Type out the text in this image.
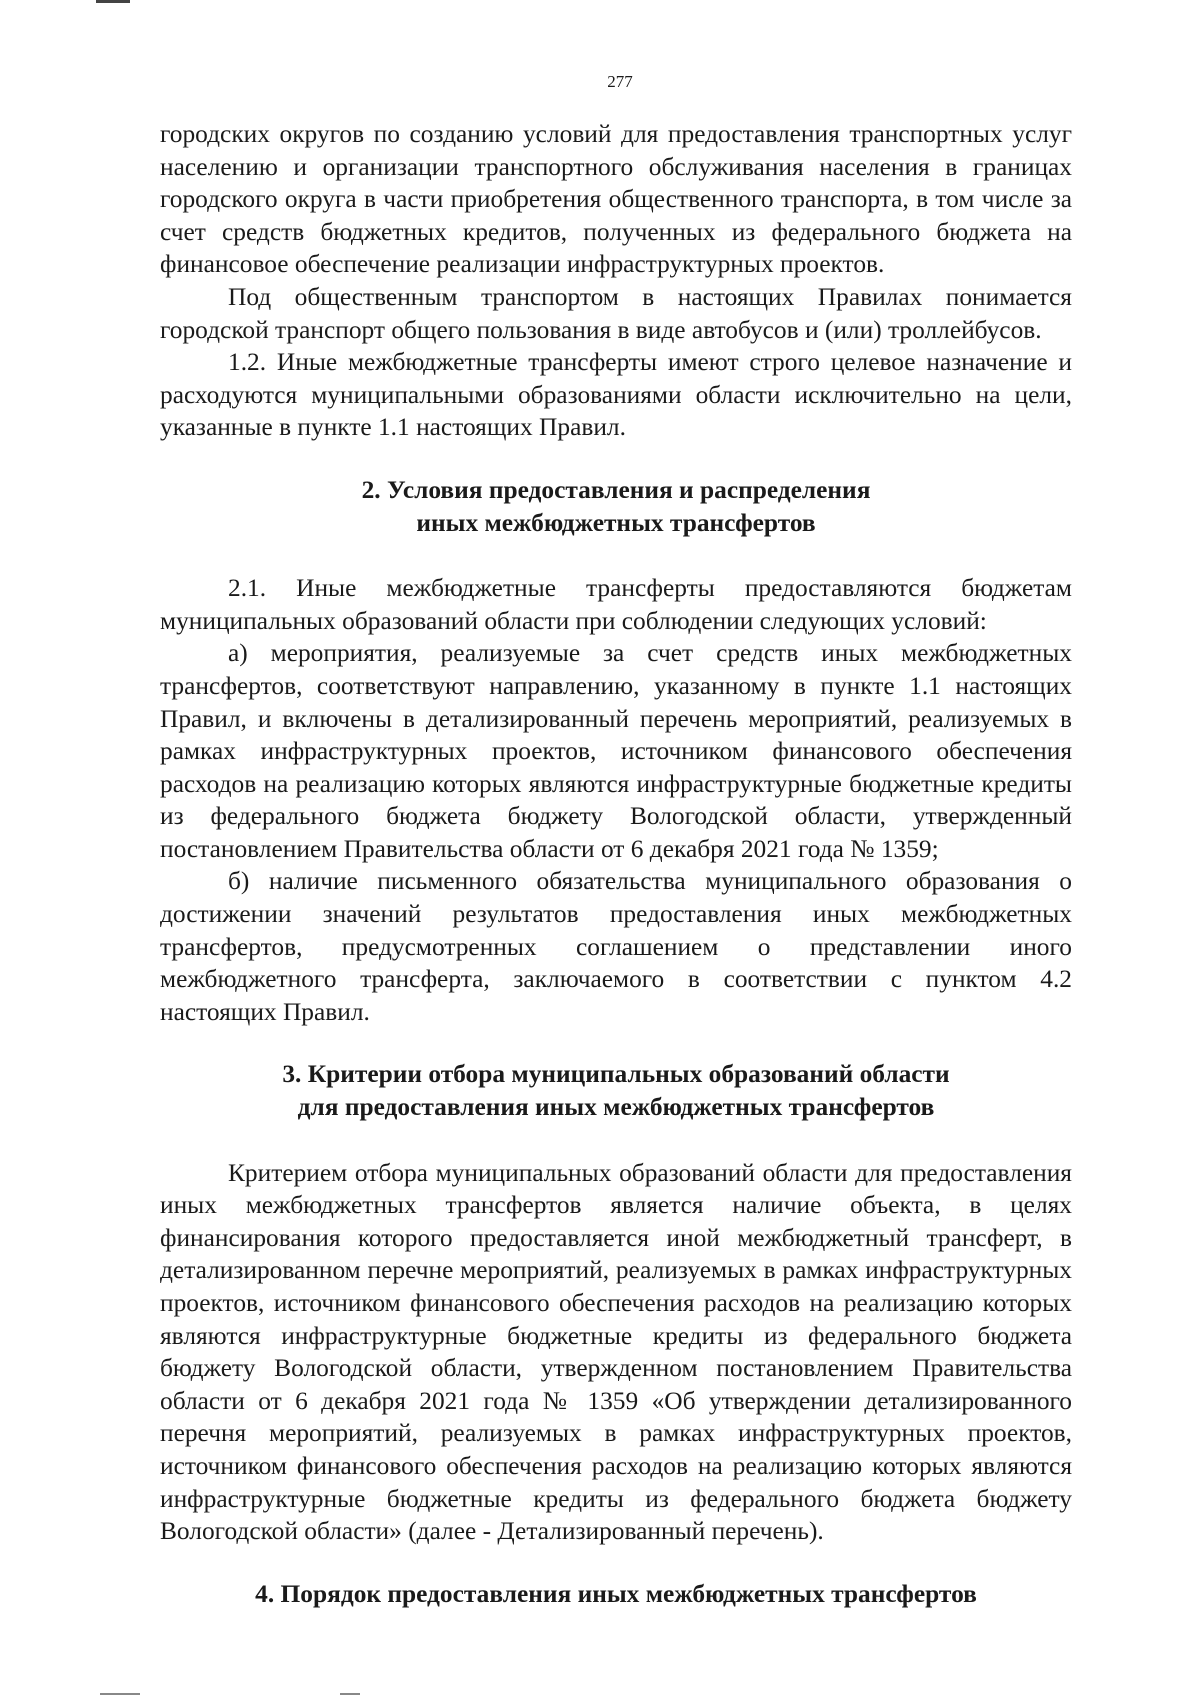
277

городских округов по созданию условий для предоставления транспортных услуг населению и организации транспортного обслуживания населения в границах городского округа в части приобретения общественного транспорта, в том числе за счет средств бюджетных кредитов, полученных из федерального бюджета на финансовое обеспечение реализации инфраструктурных проектов.

Под общественным транспортом в настоящих Правилах понимается городской транспорт общего пользования в виде автобусов и (или) троллейбусов.

1.2. Иные межбюджетные трансферты имеют строго целевое назначение и расходуются муниципальными образованиями области исключительно на цели, указанные в пункте 1.1 настоящих Правил.

2. Условия предоставления и распределения
иных межбюджетных трансфертов

2.1. Иные межбюджетные трансферты предоставляются бюджетам муниципальных образований области при соблюдении следующих условий:

а) мероприятия, реализуемые за счет средств иных межбюджетных трансфертов, соответствуют направлению, указанному в пункте 1.1 настоящих Правил, и включены в детализированный перечень мероприятий, реализуемых в рамках инфраструктурных проектов, источником финансового обеспечения расходов на реализацию которых являются инфраструктурные бюджетные кредиты из федерального бюджета бюджету Вологодской области, утвержденный постановлением Правительства области от 6 декабря 2021 года № 1359;

б) наличие письменного обязательства муниципального образования о достижении значений результатов предоставления иных межбюджетных трансфертов, предусмотренных соглашением о представлении иного межбюджетного трансферта, заключаемого в соответствии с пунктом 4.2 настоящих Правил.

3. Критерии отбора муниципальных образований области
для предоставления иных межбюджетных трансфертов

Критерием отбора муниципальных образований области для предоставления иных межбюджетных трансфертов является наличие объекта, в целях финансирования которого предоставляется иной межбюджетный трансферт, в детализированном перечне мероприятий, реализуемых в рамках инфраструктурных проектов, источником финансового обеспечения расходов на реализацию которых являются инфраструктурные бюджетные кредиты из федерального бюджета бюджету Вологодской области, утвержденном постановлением Правительства области от 6 декабря 2021 года № 1359 «Об утверждении детализированного перечня мероприятий, реализуемых в рамках инфраструктурных проектов, источником финансового обеспечения расходов на реализацию которых являются инфраструктурные бюджетные кредиты из федерального бюджета бюджету Вологодской области» (далее - Детализированный перечень).

4. Порядок предоставления иных межбюджетных трансфертов
